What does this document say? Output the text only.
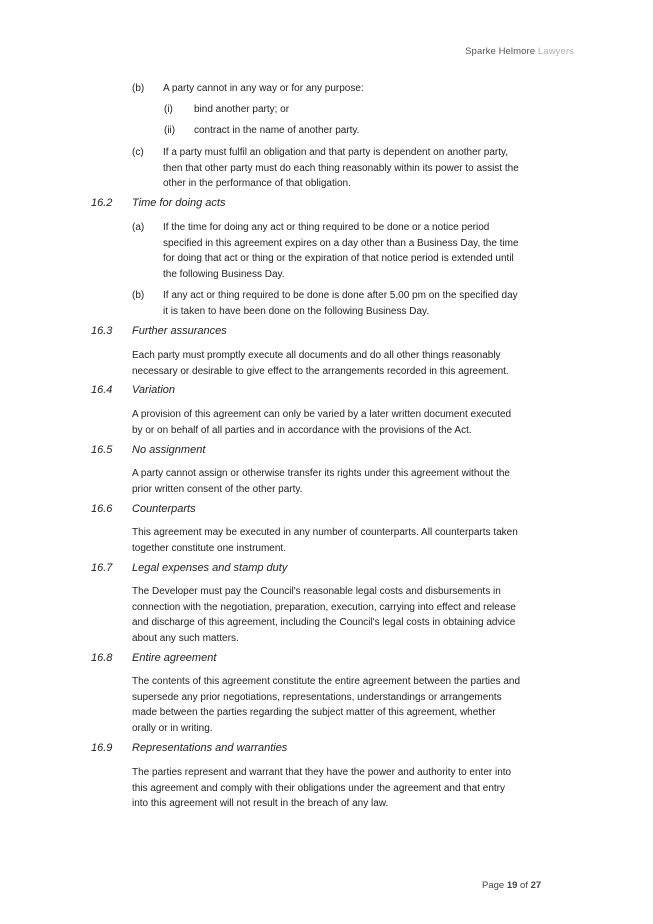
Sparke Helmore Lawyers
(b) A party cannot in any way or for any purpose:
(i) bind another party; or
(ii) contract in the name of another party.
(c) If a party must fulfil an obligation and that party is dependent on another party,
then that other party must do each thing reasonably within its power to assist the
other in the performance of that obligation.
16.2 Time for doing acts
(a) If the time for doing any act or thing required to be done or a notice period
specified in this agreement expires on a day other than a Business Day, the time
for doing that act or thing or the expiration of that notice period is extended until
the following Business Day.
(b) If any act or thing required to be done is done after 5.00 pm on the specified day
it is taken to have been done on the following Business Day.
16.3 Further assurances
Each party must promptly execute all documents and do all other things reasonably
necessary or desirable to give effect to the arrangements recorded in this agreement.
16.4 Variation
A provision of this agreement can only be varied by a later written document executed
by or on behalf of all parties and in accordance with the provisions of the Act.
16.5 No assignment
A party cannot assign or otherwise transfer its rights under this agreement without the
prior written consent of the other party.
16.6 Counterparts
This agreement may be executed in any number of counterparts. All counterparts taken
together constitute one instrument.
16.7 Legal expenses and stamp duty
The Developer must pay the Council's reasonable legal costs and disbursements in
connection with the negotiation, preparation, execution, carrying into effect and release
and discharge of this agreement, including the Council's legal costs in obtaining advice
about any such matters.
16.8 Entire agreement
The contents of this agreement constitute the entire agreement between the parties and
supersede any prior negotiations, representations, understandings or arrangements
made between the parties regarding the subject matter of this agreement, whether
orally or in writing.
16.9 Representations and warranties
The parties represent and warrant that they have the power and authority to enter into
this agreement and comply with their obligations under the agreement and that entry
into this agreement will not result in the breach of any law.
Page 19 of 27
